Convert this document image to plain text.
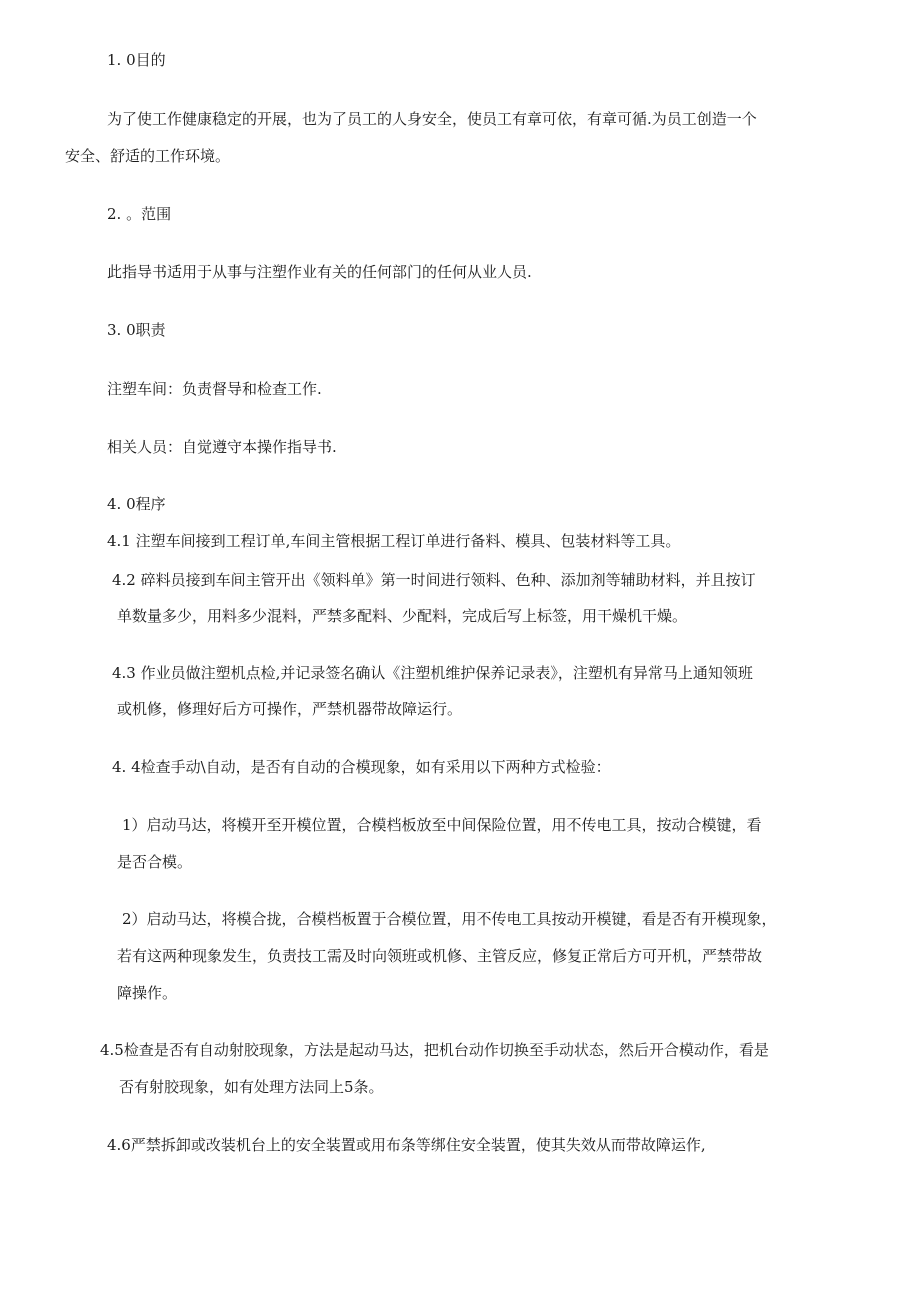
1. 0目的

为了使工作健康稳定的开展，也为了员工的人身安全，使员工有章可依，有章可循.为员工创造一个

安全、舒适的工作环境。

2. 。范围

此指导书适用于从事与注塑作业有关的任何部门的任何从业人员.

3. 0职责

注塑车间：负责督导和检查工作.

相关人员：自觉遵守本操作指导书.

4. 0程序

4.1 注塑车间接到工程订单,车间主管根据工程订单进行备料、模具、包装材料等工具。

4.2 碎料员接到车间主管开出《领料单》第一时间进行领料、色种、添加剂等辅助材料，并且按订

单数量多少，用料多少混料，严禁多配料、少配料，完成后写上标签，用干燥机干燥。

4.3 作业员做注塑机点检,并记录签名确认《注塑机维护保养记录表》，注塑机有异常马上通知领班

或机修，修理好后方可操作，严禁机器带故障运行。

4. 4检查手动\自动，是否有自动的合模现象，如有采用以下两种方式检验：

1）启动马达，将模开至开模位置，合模档板放至中间保险位置，用不传电工具，按动合模键，看

是否合模。

2）启动马达，将模合拢，合模档板置于合模位置，用不传电工具按动开模键，看是否有开模现象，

若有这两种现象发生，负责技工需及时向领班或机修、主管反应，修复正常后方可开机，严禁带故

障操作。

4.5检查是否有自动射胶现象，方法是起动马达，把机台动作切换至手动状态，然后开合模动作，看是

否有射胶现象，如有处理方法同上5条。

4.6严禁拆卸或改装机台上的安全装置或用布条等绑住安全装置，使其失效从而带故障运作,
